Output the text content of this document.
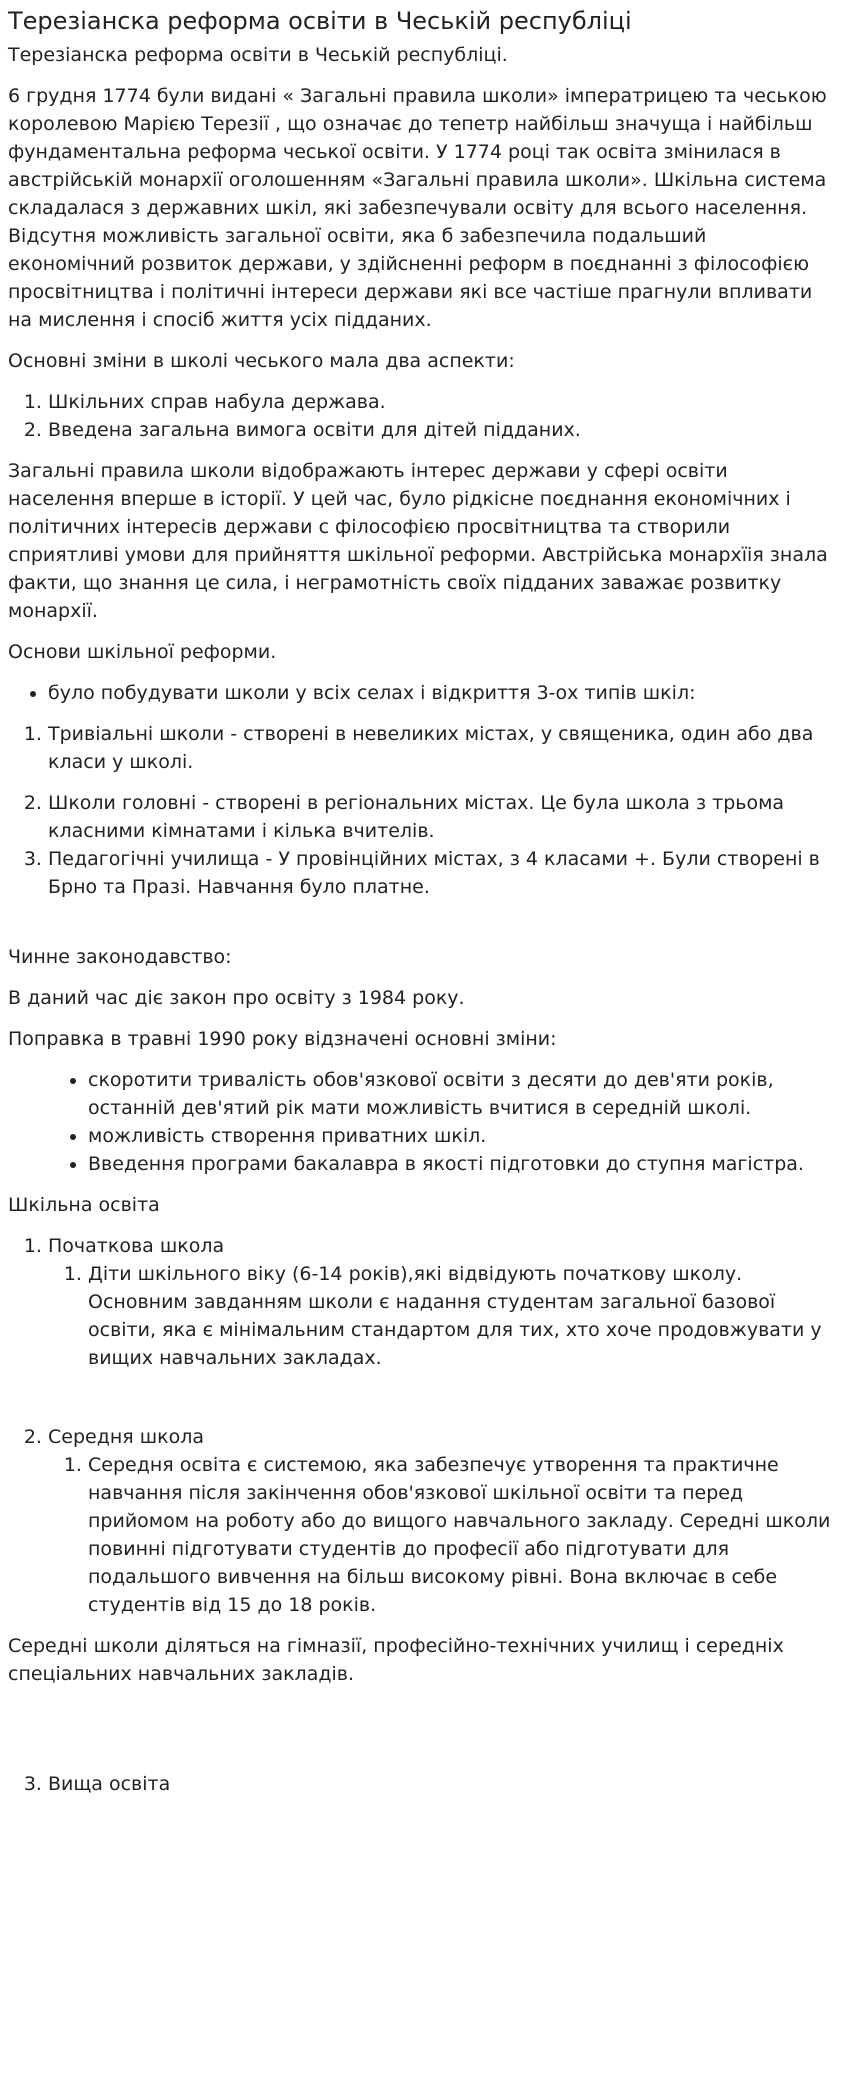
Терезіанска реформа освіти в Чеській республіці

Терезіанска реформа освіти в Чеській республіці.

6 грудня 1774 були видані « Загальні правила школи» імператрицею та чеською королевою Марією Терезії , що означає до тепетр найбільш значуща і найбільш фундаментальна реформа чеської освіти. У 1774 році так освіта змінилася в австрійській монархії оголошенням «Загальні правила школи». Шкільна система складалася з державних шкіл, які забезпечували освіту для всього населення. Відсутня можливість загальної освіти, яка б забезпечила подальший економічний розвиток держави, у здійсненні реформ в поєднанні з філософією просвітництва і політичні інтереси держави які все частіше прагнули впливати на мислення і спосіб життя усіх підданих.

Основні зміни в школі чеського мала два аспекти:

1. Шкільних справ набула держава.
2. Введена загальна вимога освіти для дітей підданих.

Загальні правила школи відображають інтерес держави у сфері освіти населення вперше в історії. У цей час, було рідкісне поєднання економічних і політичних інтересів держави с філософією просвітництва та створили сприятливі умови для прийняття шкільної реформи. Австрійська монархїія знала факти, що знання це сила, і неграмотність своїх підданих заважає розвитку монархії.

Основи шкільної реформи.

• було побудувати школи у всіх селах і відкриття 3-ох типів шкіл:
1. Тривіальні школи - створені в невеликих містах, у священика, один або два класи у школі.
2. Школи головні - створені в регіональних містах. Це була школа з трьома класними кімнатами і кілька вчителів.
3. Педагогічні училища - У провінційних містах, з 4 класами +. Були створені в Брно та Празі. Навчання було платне.

Чинне законодавство:

В даний час діє закон про освіту з 1984 року.

Поправка в травні 1990 року відзначені основні зміни:

• скоротити тривалість обов'язкової освіти з десяти до дев'яти років, останній дев'ятий рік мати можливість вчитися в середній школі.
• можливість створення приватних шкіл.
• Введення програми бакалавра в якості підготовки до ступня магістра.

Шкільна освіта

1. Початкова школа
1. Діти шкільного віку (6-14 років),які відвідують початкову школу. Основним завданням школи є надання студентам загальної базової освіти, яка є мінімальним стандартом для тих, хто хоче продовжувати у вищих навчальних закладах.
2. Середня школа
1. Середня освіта є системою, яка забезпечує утворення та практичне навчання після закінчення обов'язкової шкільної освіти та перед прийомом на роботу або до вищого навчального закладу. Середні школи повинні підготувати студентів до професії або підготувати для подальшого вивчення на більш високому рівні. Вона включає в себе студентів від 15 до 18 років.

Середні школи діляться на гімназії, професійно-технічних училищ і середніх спеціальних навчальних закладів.

3. Вища освіта
